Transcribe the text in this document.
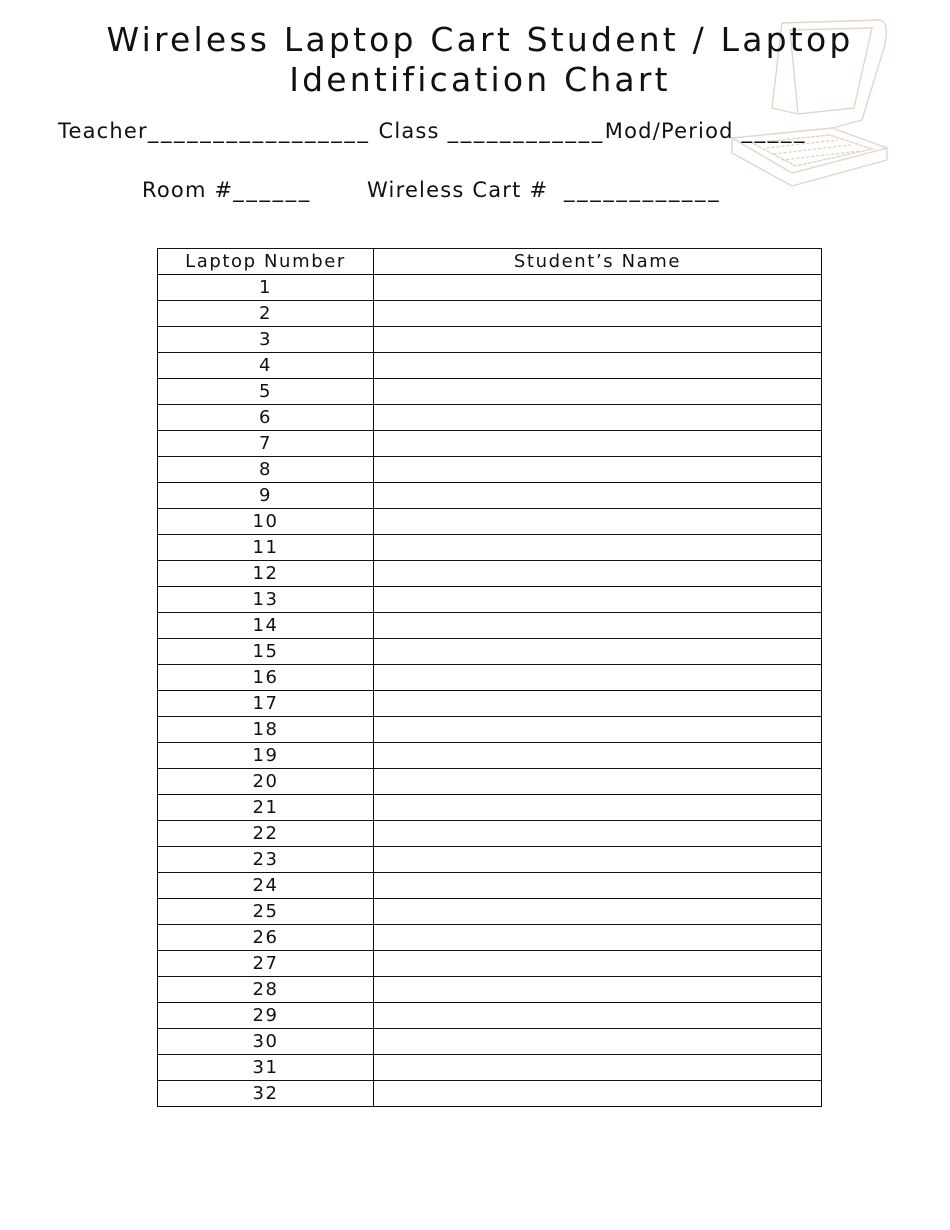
Wireless Laptop Cart Student / Laptop
Identification Chart
Teacher_________________ Class ____________Mod/Period _____
Room #______	Wireless Cart # ____________
Laptop Number	Student’s Name
1	
2	
3	
4	
5	
6	
7	
8	
9	
10	
11	
12	
13	
14	
15	
16	
17	
18	
19	
20	
21	
22	
23	
24	
25	
26	
27	
28	
29	
30	
31	
32	
